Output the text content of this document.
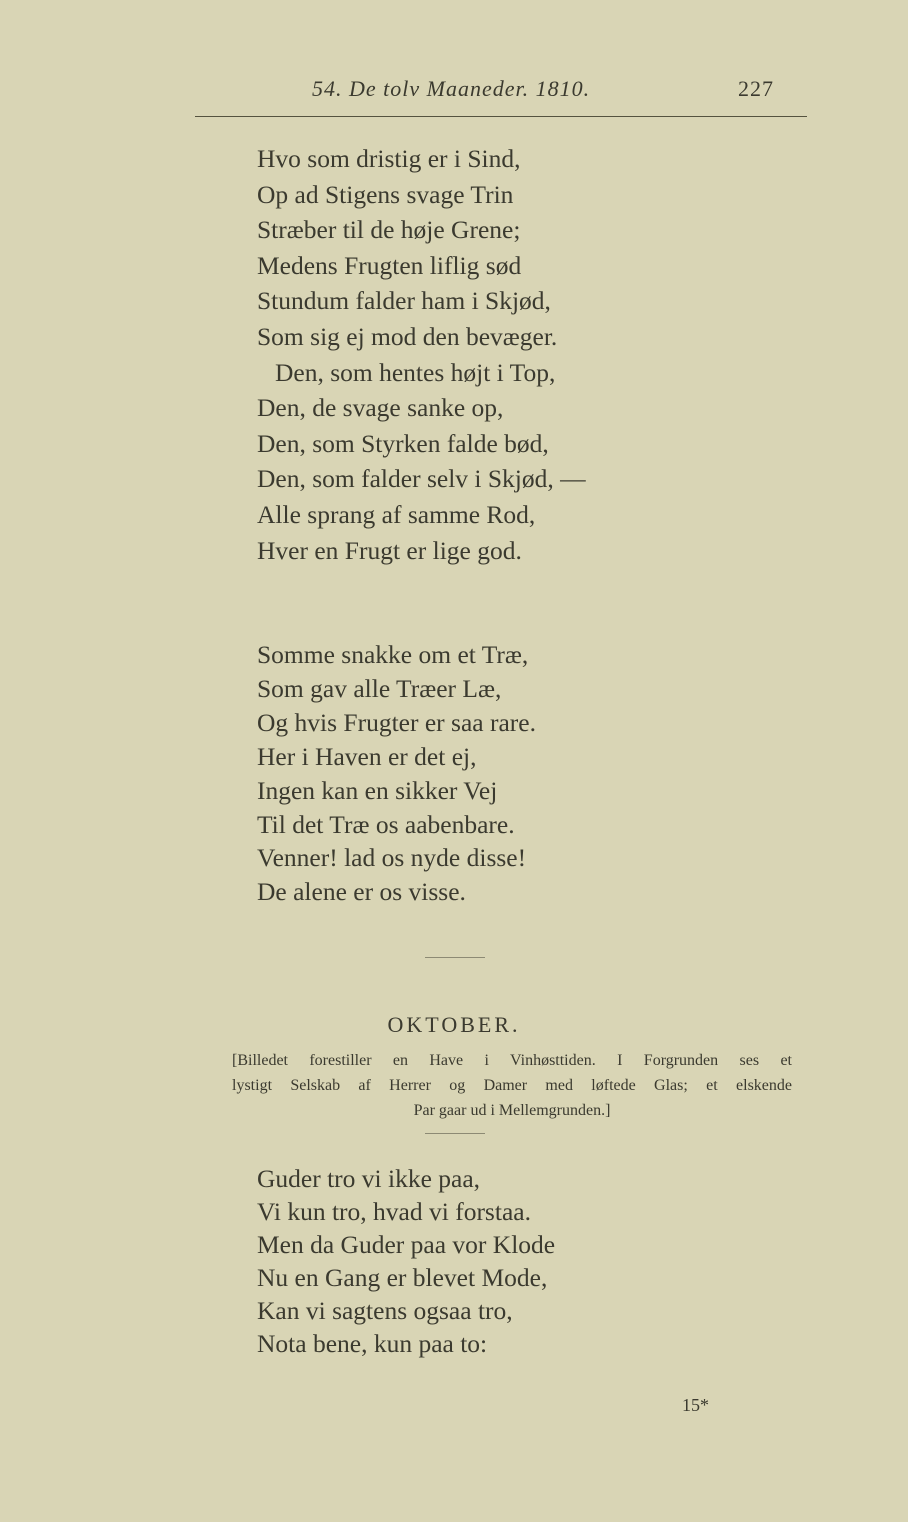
54. De tolv Maaneder. 1810.	227
Hvo som dristig er i Sind,
Op ad Stigens svage Trin
Stræber til de høje Grene;
Medens Frugten liflig sød
Stundum falder ham i Skjød,
Som sig ej mod den bevæger.
Den, som hentes højt i Top,
Den, de svage sanke op,
Den, som Styrken falde bød,
Den, som falder selv i Skjød, —
Alle sprang af samme Rod,
Hver en Frugt er lige god.
Somme snakke om et Træ,
Som gav alle Træer Læ,
Og hvis Frugter er saa rare.
Her i Haven er det ej,
Ingen kan en sikker Vej
Til det Træ os aabenbare.
Venner! lad os nyde disse!
De alene er os visse.
OKTOBER.
[Billedet forestiller en Have i Vinhøsttiden. I Forgrunden ses et
lystigt Selskab af Herrer og Damer med løftede Glas; et elskende
Par gaar ud i Mellemgrunden.]
Guder tro vi ikke paa,
Vi kun tro, hvad vi forstaa.
Men da Guder paa vor Klode
Nu en Gang er blevet Mode,
Kan vi sagtens ogsaa tro,
Nota bene, kun paa to:
15*
